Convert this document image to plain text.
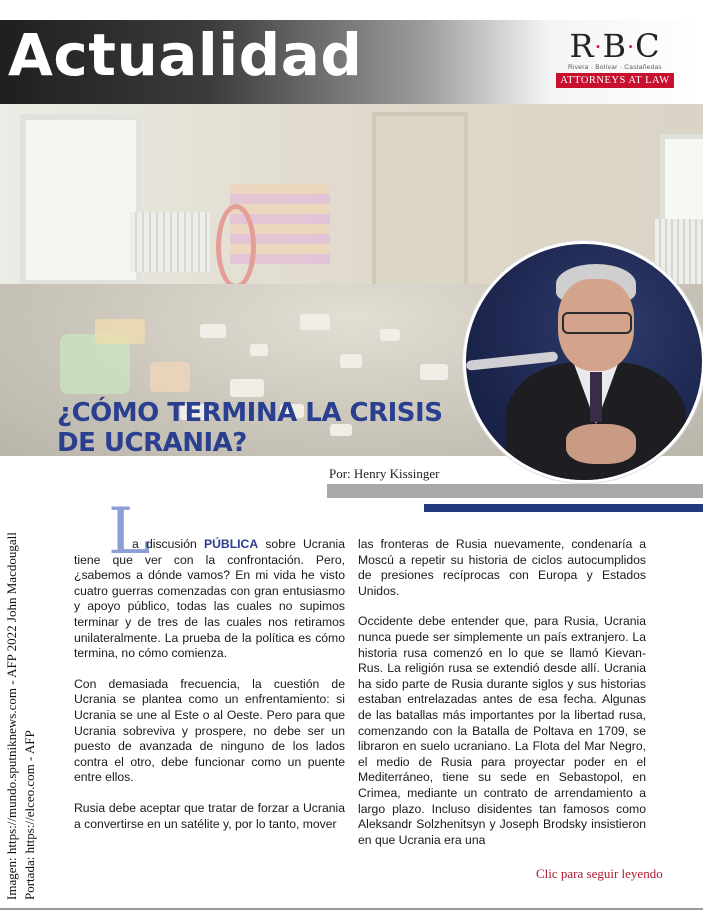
Actualidad	R·B·C
Rivera · Bolívar · Castañedas
ATTORNEYS AT LAW
¿CÓMO TERMINA LA CRISIS
DE UCRANIA?
Por: Henry Kissinger
Imagen: https://mundo.sputniknews.com - AFP 2022 John Macdougall Portada: https://elceo.com - AFP
L

a discusión PÚBLICA sobre Ucrania tiene que ver con la confrontación. Pero, ¿sabemos a dónde vamos? En mi vida he visto cuatro guerras comenzadas con gran entusiasmo y apoyo público, todas las cuales no supimos terminar y de tres de las cuales nos retiramos unilateralmente. La prueba de la política es cómo termina, no cómo comienza.

Con demasiada frecuencia, la cuestión de Ucrania se plantea como un enfrentamiento: si Ucrania se une al Este o al Oeste. Pero para que Ucrania sobreviva y prospere, no debe ser un puesto de avanzada de ninguno de los lados contra el otro, debe funcionar como un puente entre ellos.

Rusia debe aceptar que tratar de forzar a Ucrania a convertirse en un satélite y, por lo tanto, mover

las fronteras de Rusia nuevamente, condenaría a Moscú a repetir su historia de ciclos autocumplidos de presiones recíprocas con Europa y Estados Unidos.

Occidente debe entender que, para Rusia, Ucrania nunca puede ser simplemente un país extranjero. La historia rusa comenzó en lo que se llamó Kievan-Rus. La religión rusa se extendió desde allí. Ucrania ha sido parte de Rusia durante siglos y sus historias estaban entrelazadas antes de esa fecha. Algunas de las batallas más importantes por la libertad rusa, comenzando con la Batalla de Poltava en 1709, se libraron en suelo ucraniano. La Flota del Mar Negro, el medio de Rusia para proyectar poder en el Mediterráneo, tiene su sede en Sebastopol, en Crimea, mediante un contrato de arrendamiento a largo plazo. Incluso disidentes tan famosos como Aleksandr Solzhenitsyn y Joseph Brodsky insistieron en que Ucrania era una

Clic para seguir leyendo
